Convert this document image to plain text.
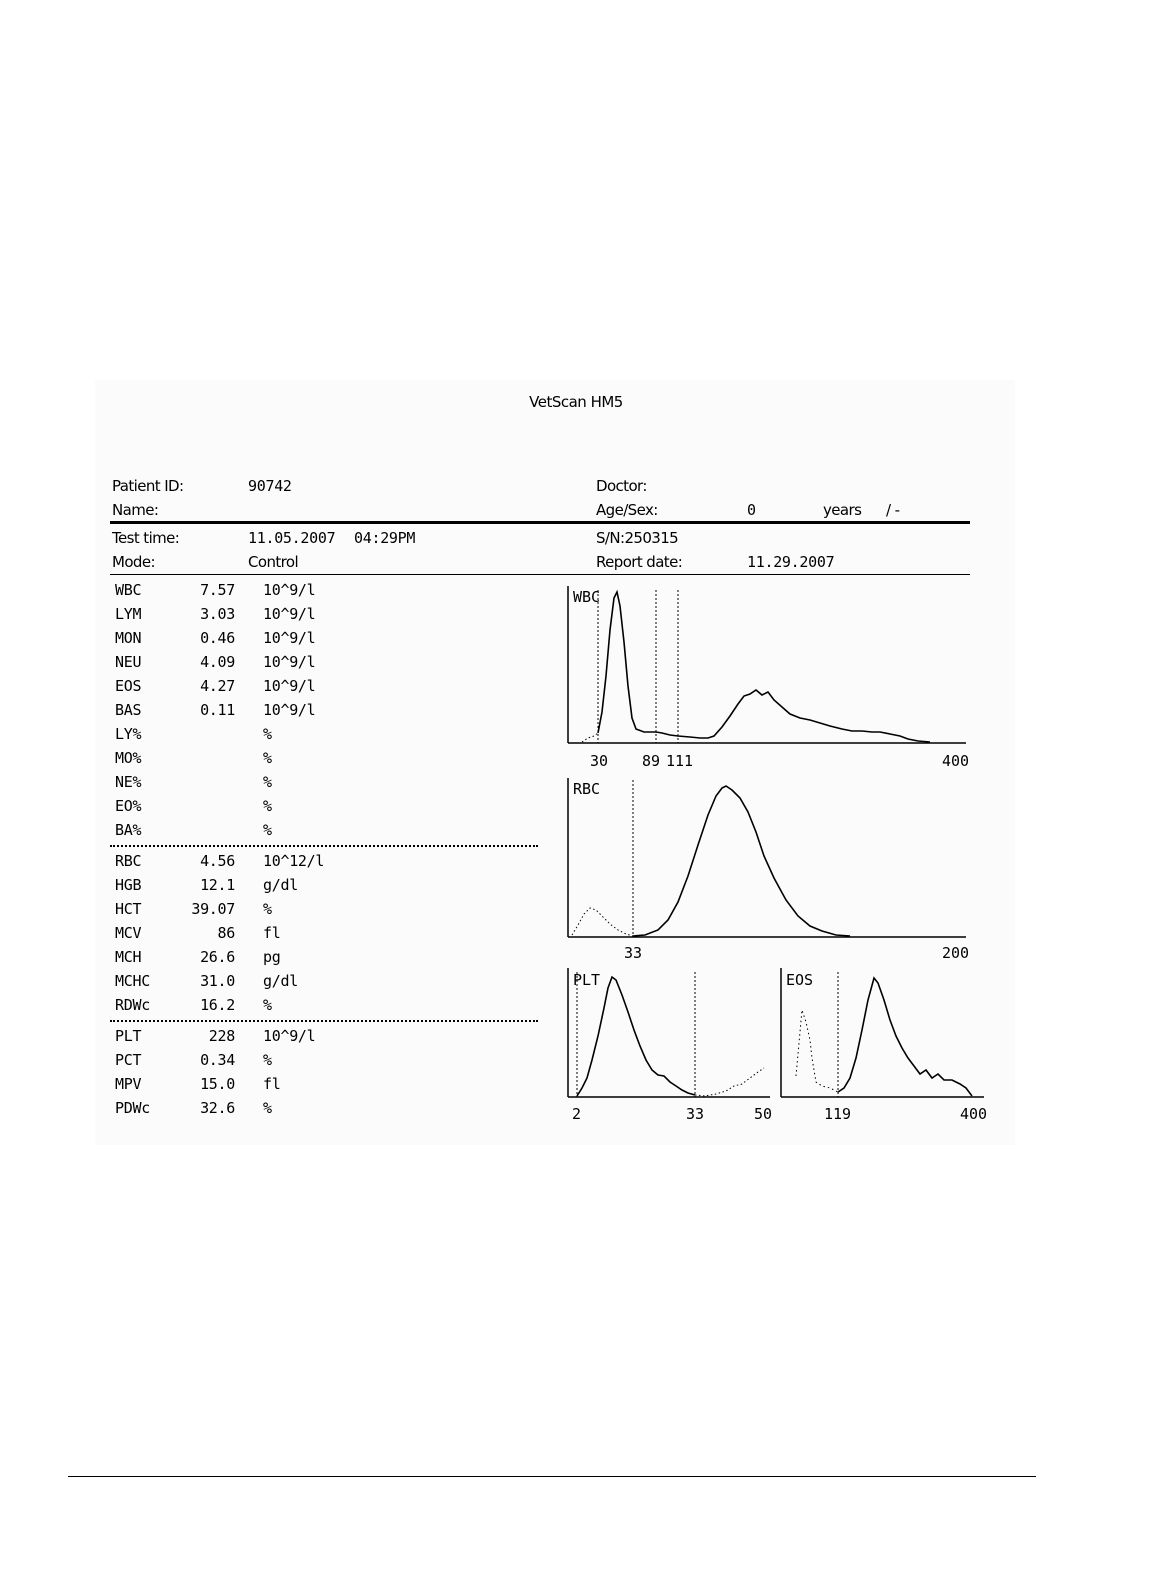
VetScan HM5
Patient ID:	90742
Name:
Doctor:
Age/Sex:	0	years / -
Test time:	11.05.2007 04:29PM	S/N:250315
Mode:	Control	Report date:	11.29.2007
WBC	7.57 10^9/l
LYM	3.03 10^9/l
MON	0.46 10^9/l
NEU	4.09 10^9/l
EOS	4.27 10^9/l
BAS	0.11 10^9/l
LY%	%
MO%	%
NE%	%
EO%	%
BA%	%
RBC	4.56 10^12/l
HGB	12.1 g/dl
HCT	39.07 %
MCV	86 fl
MCH	26.6 pg
MCHC	31.0 g/dl
RDWc	16.2 %
PLT	228 10^9/l
PCT	0.34 %
MPV	15.0 fl
PDWc	32.6 %
WBC
30 89 111	400
RBC
33	200
PLT
2	33	50
EOS
119	400
